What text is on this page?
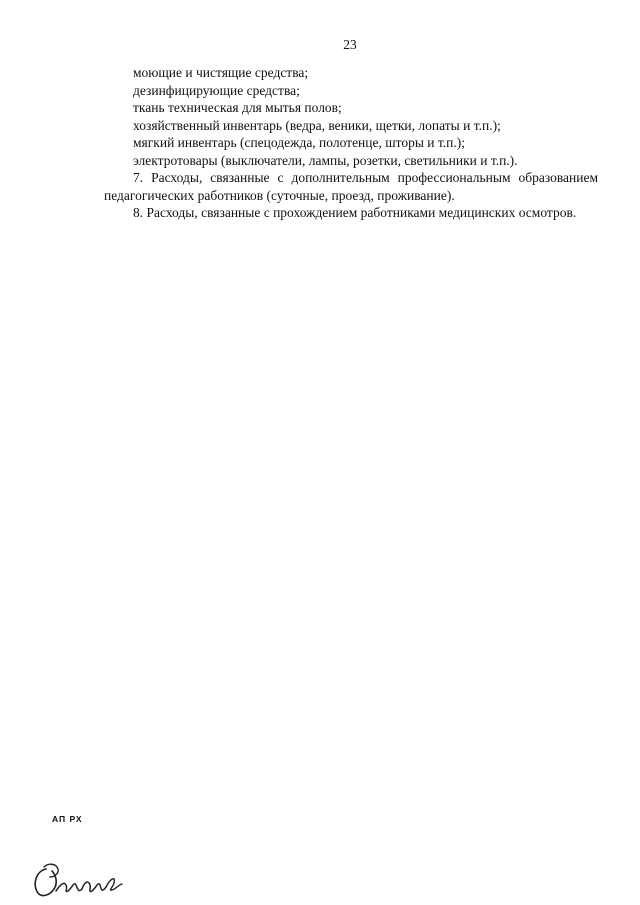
23

моющие и чистящие средства;

дезинфицирующие средства;

ткань техническая для мытья полов;

хозяйственный инвентарь (ведра, веники, щетки, лопаты и т.п.);

мягкий инвентарь (спецодежда, полотенце, шторы и т.п.);

электротовары (выключатели, лампы, розетки, светильники и т.п.).

7. Расходы, связанные с дополнительным профессиональным образованием педагогических работников (суточные, проезд, проживание).

8. Расходы, связанные с прохождением работниками медицинских осмотров.

АП РХ
